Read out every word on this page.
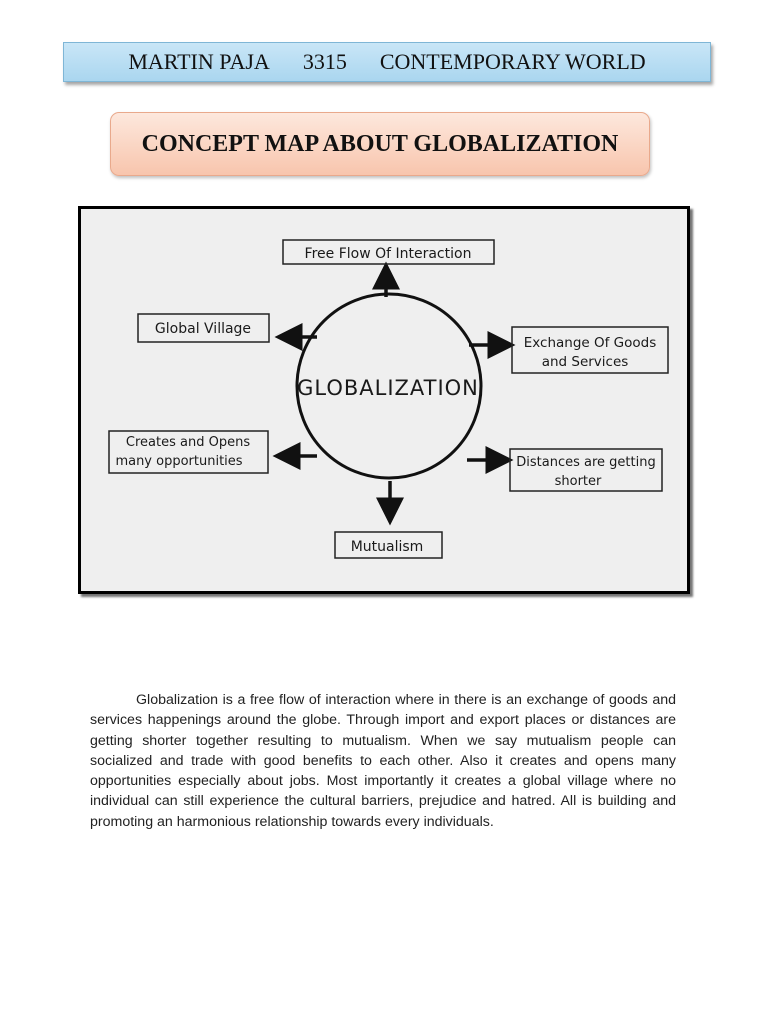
MARTIN PAJA
3315
CONTEMPORARY WORLD
CONCEPT MAP ABOUT GLOBALIZATION
GLOBALIZATION
Free Flow Of Interaction
Global Village
Exchange Of Goods
and Services
Creates and Opens
many opportunities	Distances are getting
shorter
Mutualism

Globalization is a free flow of interaction where in there is an exchange of goods and services happenings around the globe. Through import and export places or distances are getting shorter together resulting to mutualism. When we say mutualism people can socialized and trade with good benefits to each other. Also it creates and opens many opportunities especially about jobs. Most importantly it creates a global village where no individual can still experience the cultural barriers, prejudice and hatred. All is building and promoting an harmonious relationship towards every individuals.
